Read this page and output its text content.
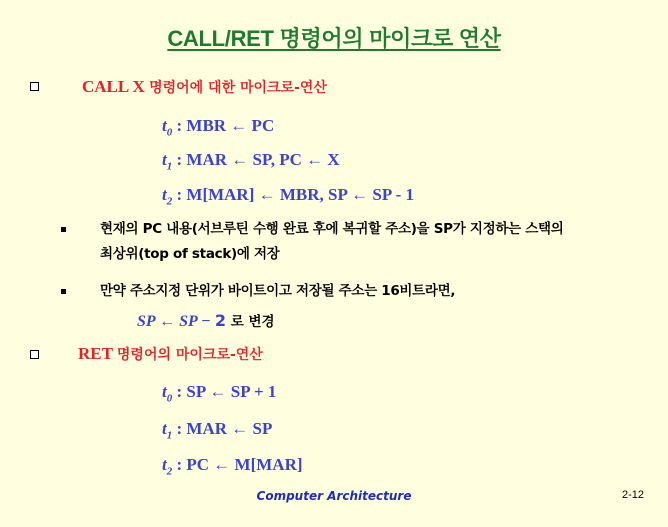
CALL/RET 명령어의 마이크로 연산
CALL X 명령어에 대한 마이크로-연산
$t_0$ : MBR ← PC
$t_1$ : MAR ← SP, PC ← X
$t_2$ : M[MAR] ← MBR, SP ← SP - 1
현재의 PC 내용(서브루틴 수행 완료 후에 복귀할 주소)을 SP가 지정하는 스택의
최상위(top of stack)에 저장
만약 주소지정 단위가 바이트이고 저장될 주소는 16비트라면,
SP ← SP − 2 로 변경
RET 명령어의 마이크로-연산
$t_0$ : SP ← SP + 1
$t_1$ : MAR ← SP
$t_2$ : PC ← M[MAR]
Computer Architecture	2-12
